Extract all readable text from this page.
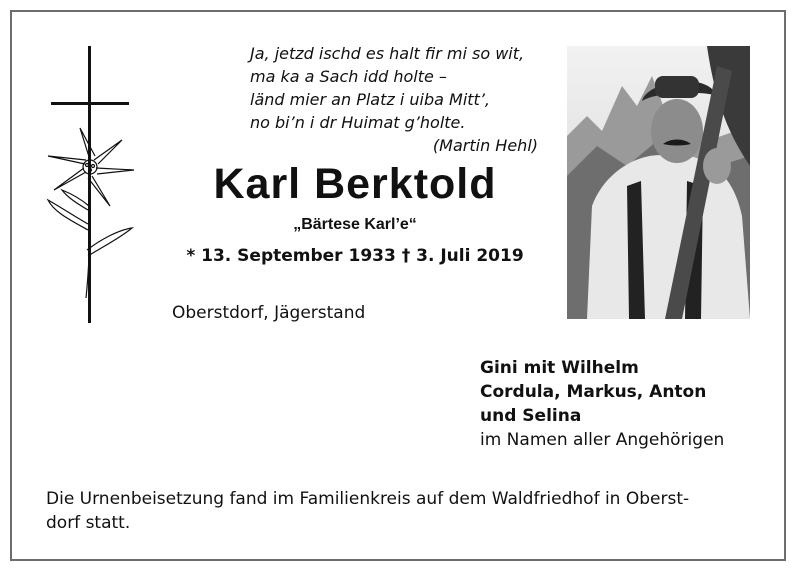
Ja, jetzd ischd es halt fir mi so wit,
ma ka a Sach idd holte –
länd mier an Platz i uiba Mitt’,
no bi’n i dr Huimat g’holte.
(Martin Hehl)
Karl Berktold
„Bärtese Karl’e“
* 13. September 1933 † 3. Juli 2019
Oberstdorf, Jägerstand
Gini mit Wilhelm
Cordula, Markus, Anton
und Selina
im Namen aller Angehörigen
Die Urnenbeisetzung fand im Familienkreis auf dem Waldfriedhof in Oberst-
dorf statt.
